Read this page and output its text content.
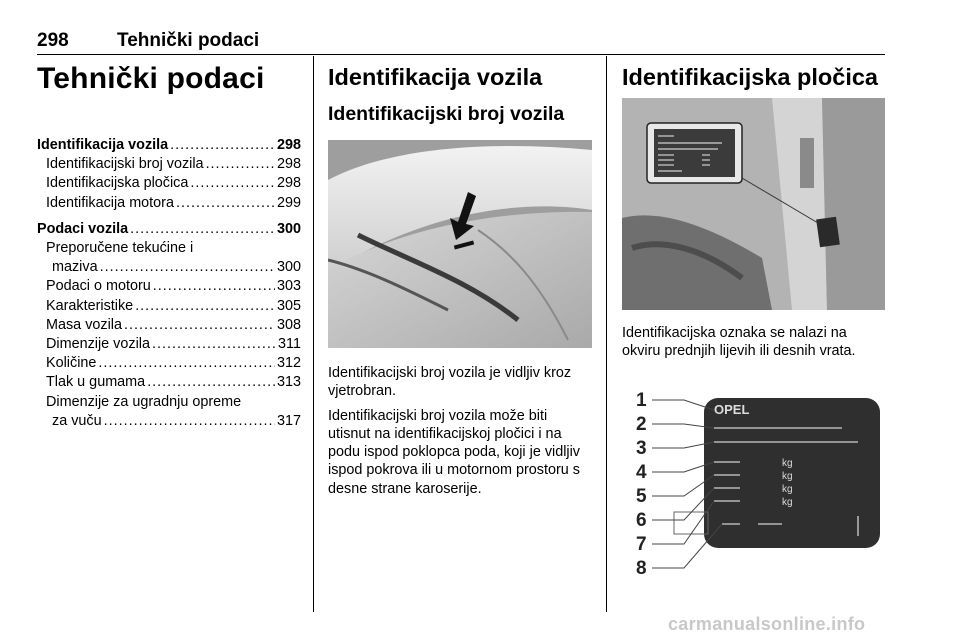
298	Tehnički podaci
Tehnički podaci
Identifikacija vozila .....	298
Identifikacijski broj vozila .....	298
Identifikacijska pločica .....	298
Identifikacija motora .....	299
Podaci vozila .....	300
Preporučene tekućine i
maziva .....	300
Podaci o motoru .....	303
Karakteristike .....	305
Masa vozila .....	308
Dimenzije vozila .....	311
Količine .....	312
Tlak u gumama .....	313
Dimenzije za ugradnju opreme
za vuču .....	317
Identifikacija vozila
Identifikacijski broj vozila

Identifikacijski broj vozila je vidljiv kroz vjetrobran.

Identifikacijski broj vozila može biti utisnut na identifikacijskoj pločici i na podu ispod poklopca poda, koji je vidljiv ispod pokrova ili u motornom prostoru s desne strane karoserije.

Identifikacijska pločica

Identifikacijska oznaka se nalazi na okviru prednjih lijevih ili desnih vrata.

OPEL
kg
kg
kg
kg
1
2
3
4
5
6
7
8
carmanualsonline.info
